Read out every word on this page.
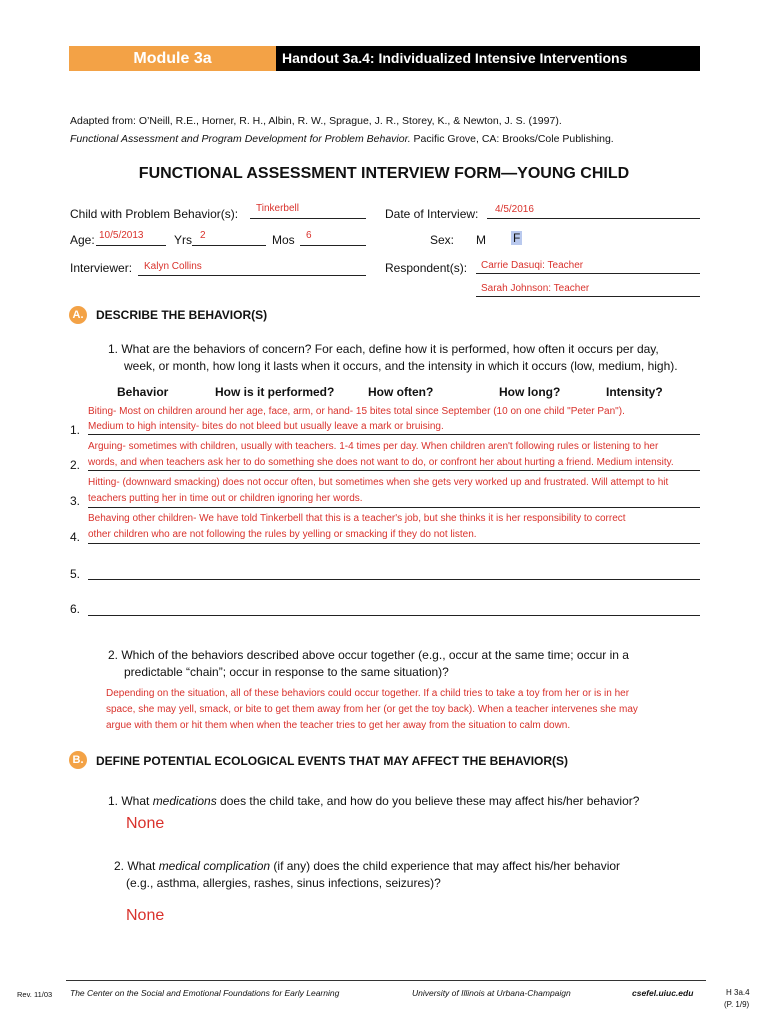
Module 3a	Handout 3a.4: Individualized Intensive Interventions
Adapted from: O’Neill, R.E., Horner, R. H., Albin, R. W., Sprague, J. R., Storey, K., & Newton, J. S. (1997).
Functional Assessment and Program Development for Problem Behavior. Pacific Grove, CA: Brooks/Cole Publishing.
FUNCTIONAL ASSESSMENT INTERVIEW FORM—YOUNG CHILD
Child with Problem Behavior(s): Tinkerbell	Date of Interview: 4/5/2016
Age: 10/5/2013	Yrs 2	Mos 6	Sex: M F
Interviewer: Kalyn Collins	Respondent(s): Carrie Dasuqi: Teacher
Sarah Johnson: Teacher
A. DESCRIBE THE BEHAVIOR(S)
1. What are the behaviors of concern? For each, define how it is performed, how often it occurs per day,
week, or month, how long it lasts when it occurs, and the intensity in which it occurs (low, medium, high).
Behavior	How is it performed?	How often?	How long?	Intensity?
1.
Biting- Most on children around her age, face, arm, or hand- 15 bites total since September (10 on one child "Peter Pan").
Medium to high intensity- bites do not bleed but usually leave a mark or bruising.
2.
Arguing- sometimes with children, usually with teachers. 1-4 times per day. When children aren't following rules or listening to her
words, and when teachers ask her to do something she does not want to do, or confront her about hurting a friend. Medium intensity.
3.
Hitting- (downward smacking) does not occur often, but sometimes when she gets very worked up and frustrated. Will attempt to hit
teachers putting her in time out or children ignoring her words.
4.
Behaving other children- We have told Tinkerbell that this is a teacher's job, but she thinks it is her responsibility to correct
other children who are not following the rules by yelling or smacking if they do not listen.
5.
6.
2. Which of the behaviors described above occur together (e.g., occur at the same time; occur in a
predictable “chain”; occur in response to the same situation)?
Depending on the situation, all of these behaviors could occur together. If a child tries to take a toy from her or is in her
space, she may yell, smack, or bite to get them away from her (or get the toy back). When a teacher intervenes she may
argue with them or hit them when when the teacher tries to get her away from the situation to calm down.
B. DEFINE POTENTIAL ECOLOGICAL EVENTS THAT MAY AFFECT THE BEHAVIOR(S)
1. What medications does the child take, and how do you believe these may affect his/her behavior?
None
2. What medical complication (if any) does the child experience that may affect his/her behavior
(e.g., asthma, allergies, rashes, sinus infections, seizures)?
None
Rev. 11/03 The Center on the Social and Emotional Foundations for Early Learning	University of Illinois at Urbana-Champaign	csefel.uiuc.edu	H 3a.4
(P. 1/9)
